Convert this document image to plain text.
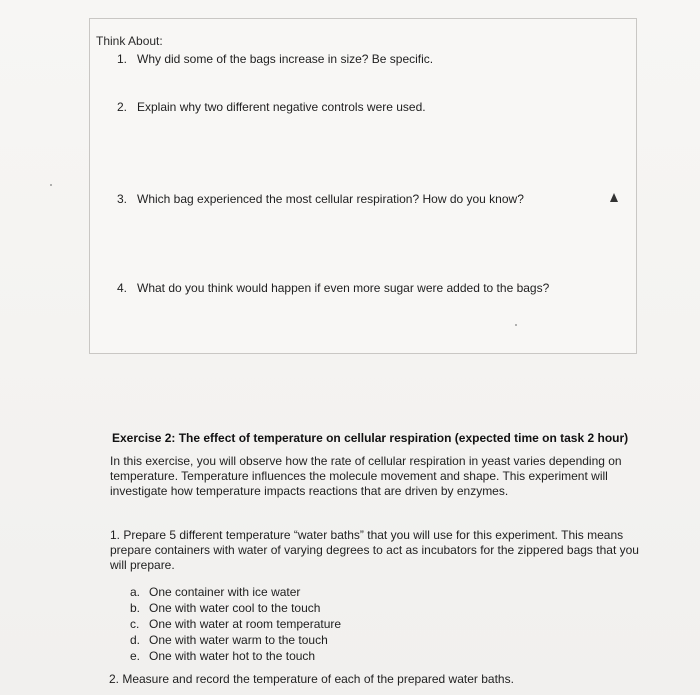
Think About:
1. Why did some of the bags increase in size? Be specific.
2. Explain why two different negative controls were used.
3. Which bag experienced the most cellular respiration? How do you know?
4. What do you think would happen if even more sugar were added to the bags?
Exercise 2: The effect of temperature on cellular respiration (expected time on task 2 hour)
In this exercise, you will observe how the rate of cellular respiration in yeast varies depending on
temperature. Temperature influences the molecule movement and shape. This experiment will
investigate how temperature impacts reactions that are driven by enzymes.
1. Prepare 5 different temperature “water baths” that you will use for this experiment. This means
prepare containers with water of varying degrees to act as incubators for the zippered bags that you
will prepare.
a. One container with ice water
b. One with water cool to the touch
c. One with water at room temperature
d. One with water warm to the touch
e. One with water hot to the touch
2. Measure and record the temperature of each of the prepared water baths.
